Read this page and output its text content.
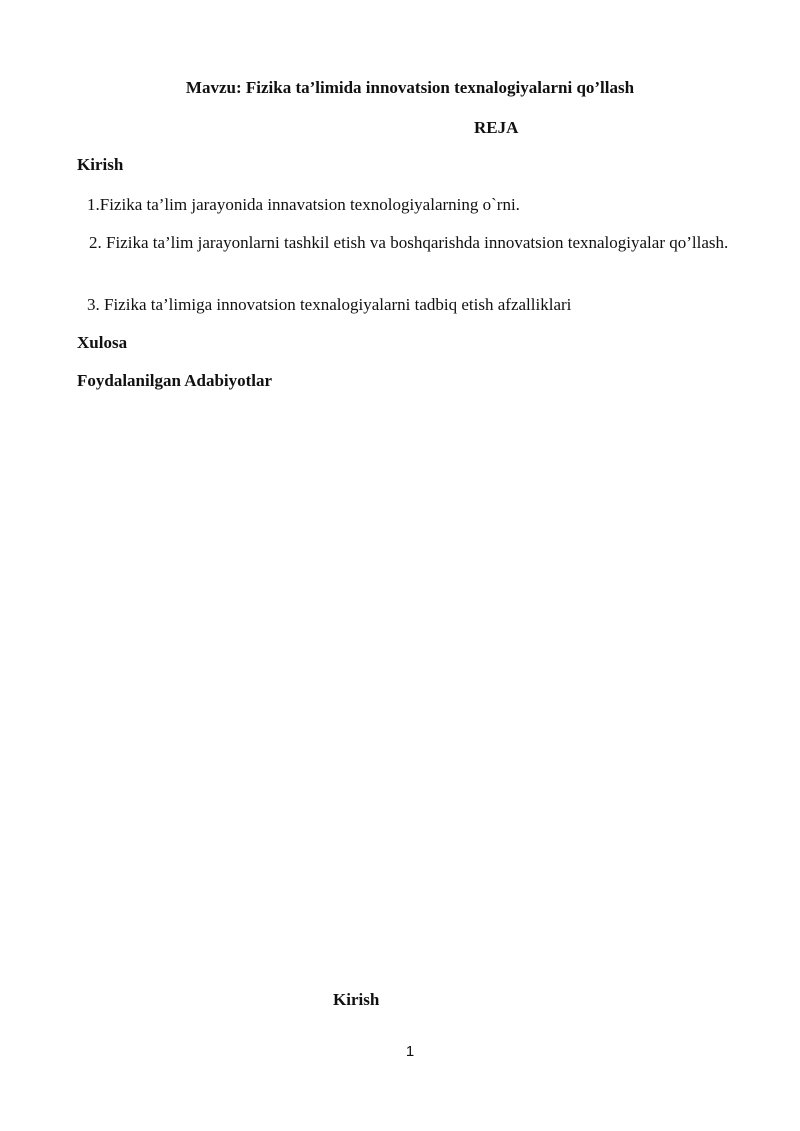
Mavzu: Fizika ta’limida innovatsion texnalogiyalarni qo’llash

REJA

Kirish

1.Fizika ta’lim jarayonida innavatsion texnologiyalarning o`rni.

2. Fizika ta’lim jarayonlarni tashkil etish va boshqarishda innovatsion texnalogiyalar qo’llash.

3. Fizika ta’limiga innovatsion texnalogiyalarni tadbiq etish afzalliklari

Xulosa

Foydalanilgan Adabiyotlar

Kirish

1
